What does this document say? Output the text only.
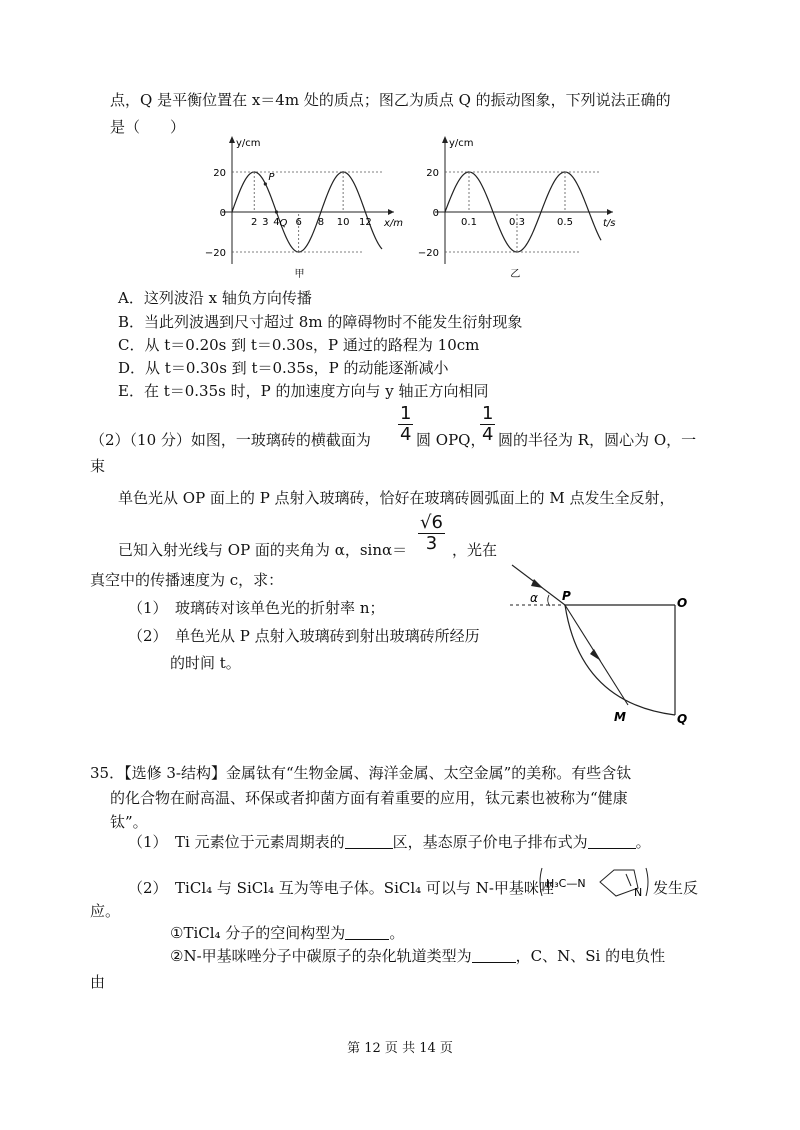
点，Q 是平衡位置在 x＝4m 处的质点；图乙为质点 Q 的振动图象，下列说法正确的
是（　　）
y/cm
x/m
20
0
−20
2 3 4 6 8 10 12
P
Q
甲
y/cm
t/s
20
0
−20
0.1	0.3	0.5
乙
A．这列波沿 x 轴负方向传播
B．当此列波遇到尺寸超过 8m 的障碍物时不能发生衍射现象
C．从 t＝0.20s 到 t＝0.30s，P 通过的路程为 10cm
D．从 t＝0.30s 到 t＝0.35s，P 的动能逐渐减小
E．在 t＝0.35s 时，P 的加速度方向与 y 轴正方向相同
（2）（10 分）如图，一玻璃砖的横截面为 $\frac{1}{4}$ 圆 OPQ，
$\frac{1}{4}$ 圆的半径为 R，圆心为 O，一
束
单色光从 OP 面上的 P 点射入玻璃砖，恰好在玻璃砖圆弧面上的 M 点发生全反射，
已知入射光线与 OP 面的夹角为 α，$\sin\alpha= \frac{√6}{3}$ ，光在
真空中的传播速度为 c，求：
（1）　玻璃砖对该单色光的折射率 n；
（2）　单色光从 P 点射入玻璃砖到射出玻璃砖所经历
的时间 t。
α P	O
M	Q
35．【选修 3-结构】金属钛有“生物金属、海洋金属、太空金属”的美称。有些含钛
的化合物在耐高温、环保或者抑菌方面有着重要的应用，钛元素也被称为“健康
钛”。
（1）　Ti 元素位于元素周期表的	区，基态原子价电子排布式为	。
（2）　TiCl₄ 与 SiCl₄ 互为等电子体。SiCl₄ 可以与 N-甲基咪唑
H₃C—N
N 发生反
应。
①TiCl₄ 分子的空间构型为	。
②N-甲基咪唑分子中碳原子的杂化轨道类型为	，C、N、Si 的电负性
由
第 12 页 共 14 页
